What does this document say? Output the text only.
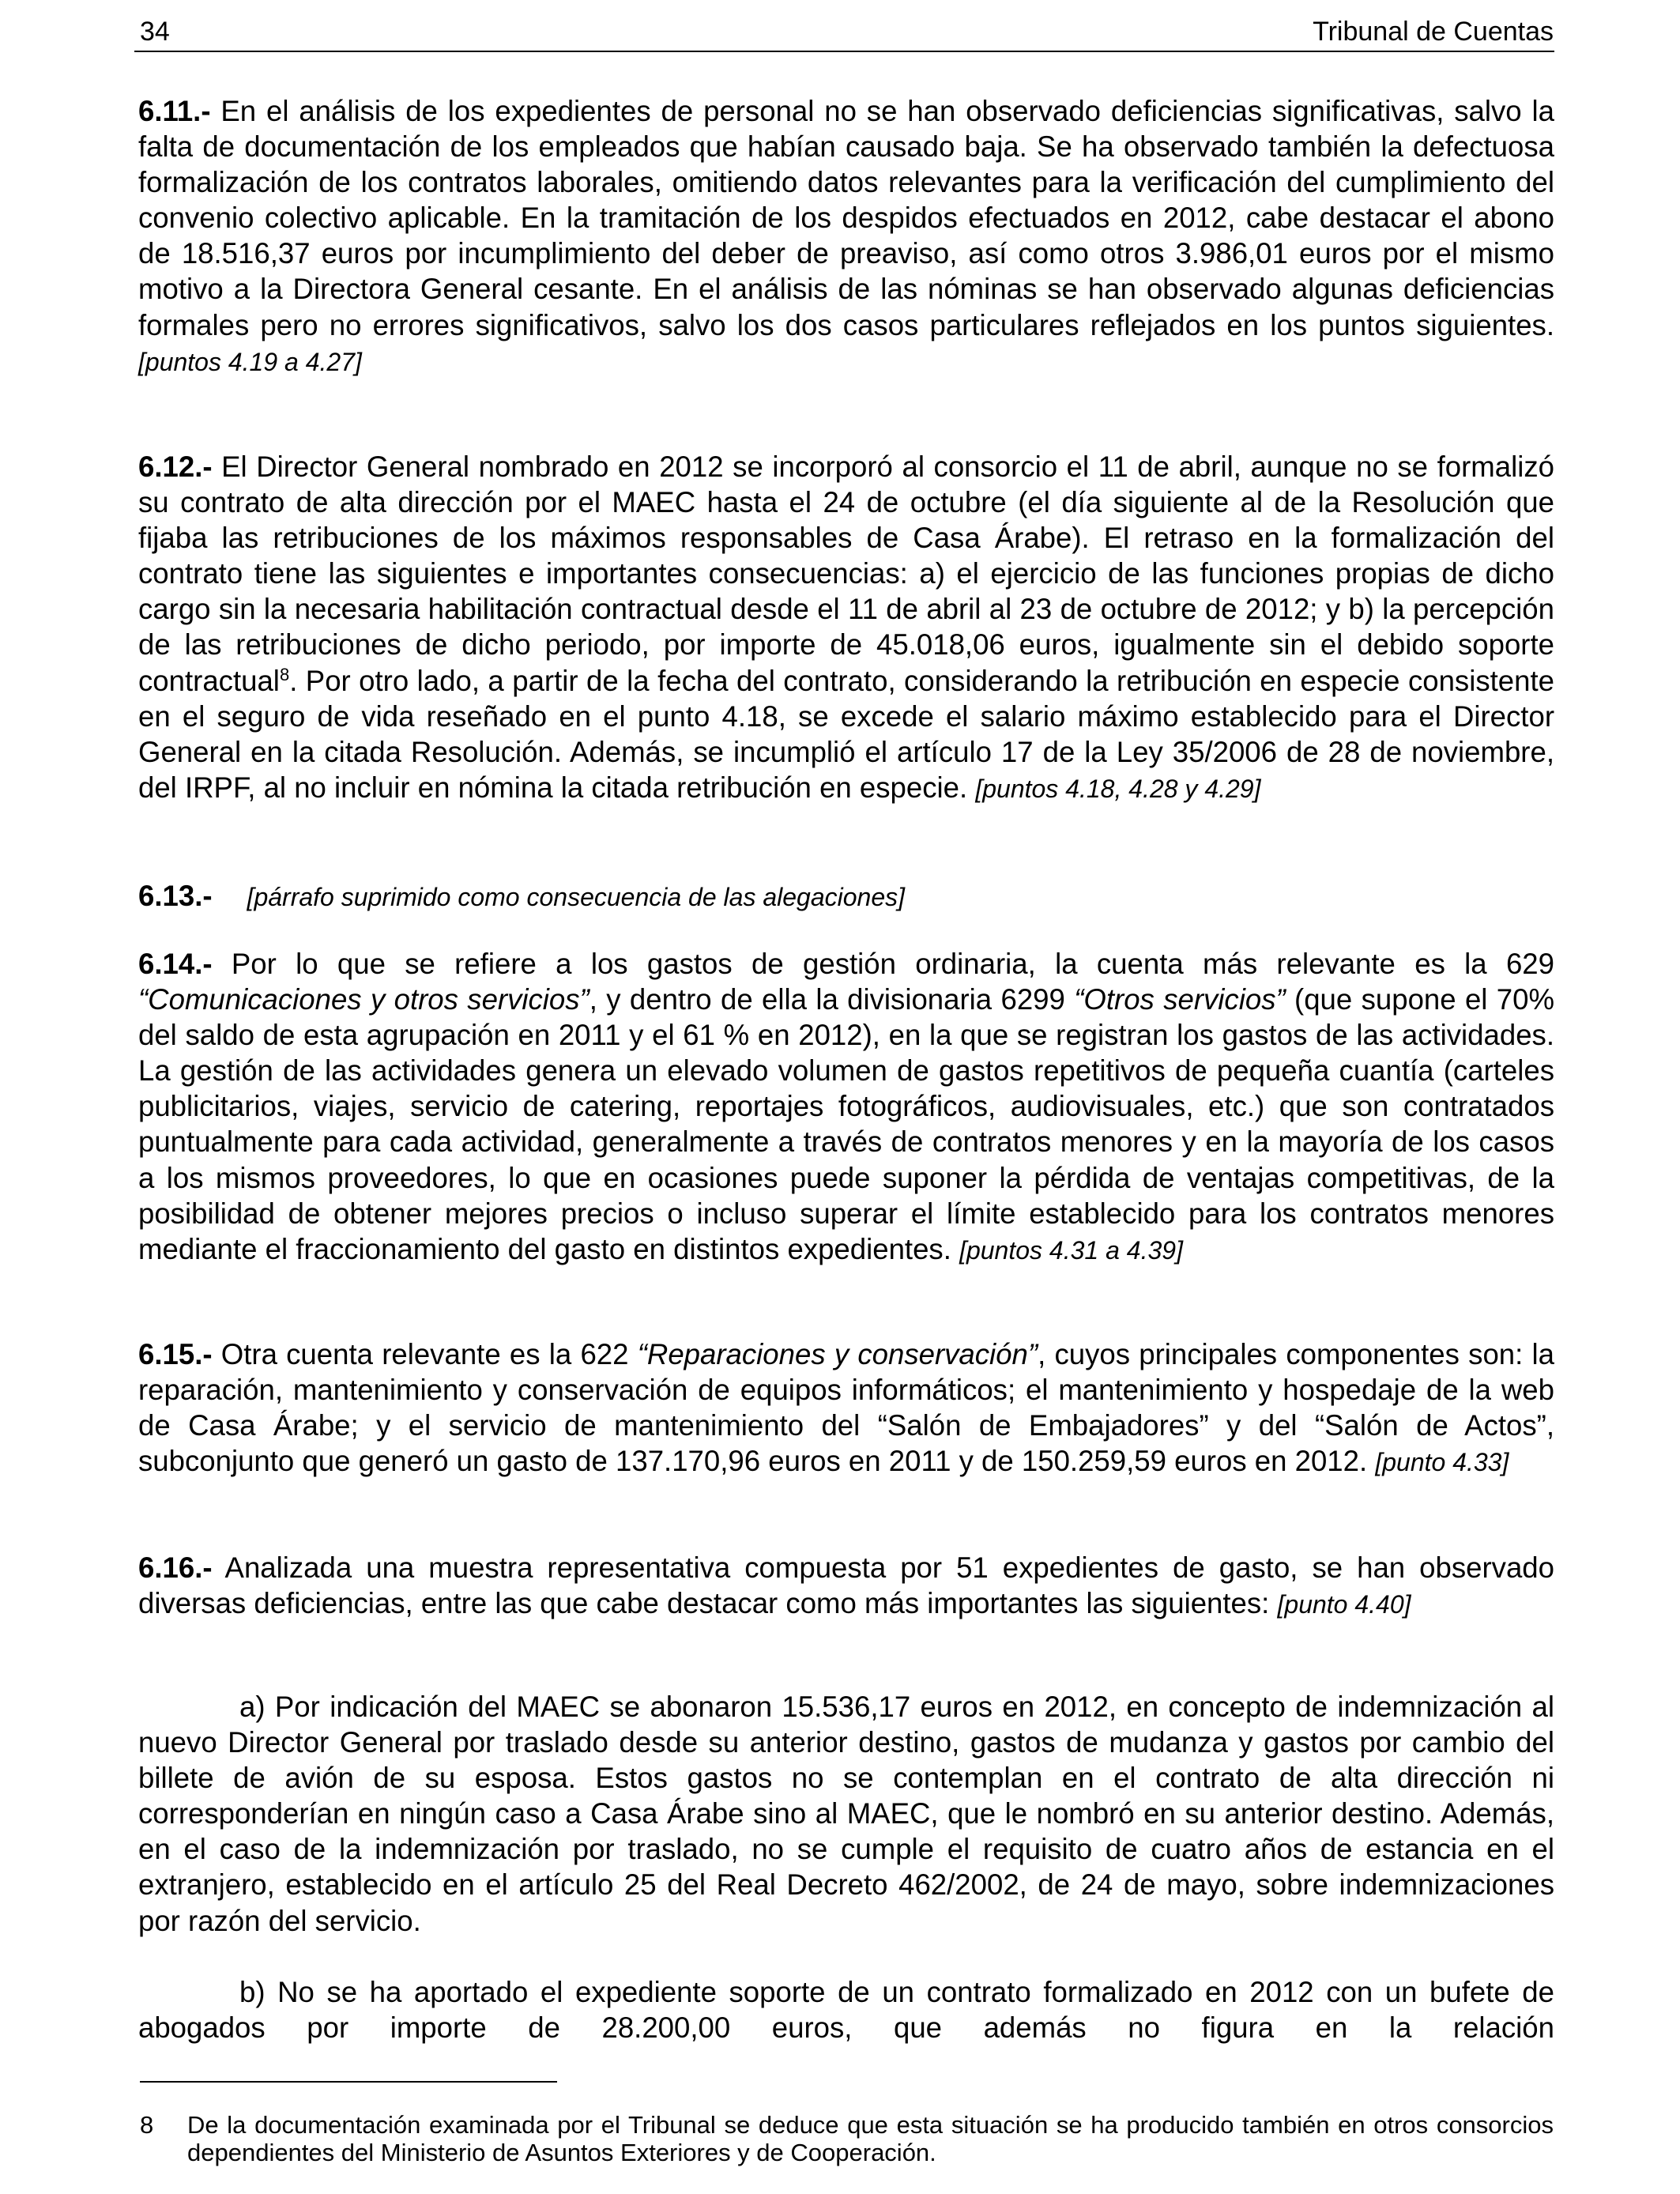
34	Tribunal de Cuentas

6.11.- En el análisis de los expedientes de personal no se han observado deficiencias significativas, salvo la falta de documentación de los empleados que habían causado baja. Se ha observado también la defectuosa formalización de los contratos laborales, omitiendo datos relevantes para la verificación del cumplimiento del convenio colectivo aplicable. En la tramitación de los despidos efectuados en 2012, cabe destacar el abono de 18.516,37 euros por incumplimiento del deber de preaviso, así como otros 3.986,01 euros por el mismo motivo a la Directora General cesante. En el análisis de las nóminas se han observado algunas deficiencias formales pero no errores significativos, salvo los dos casos particulares reflejados en los puntos siguientes. [puntos 4.19 a 4.27]

6.12.- El Director General nombrado en 2012 se incorporó al consorcio el 11 de abril, aunque no se formalizó su contrato de alta dirección por el MAEC hasta el 24 de octubre (el día siguiente al de la Resolución que fijaba las retribuciones de los máximos responsables de Casa Árabe). El retraso en la formalización del contrato tiene las siguientes e importantes consecuencias: a) el ejercicio de las funciones propias de dicho cargo sin la necesaria habilitación contractual desde el 11 de abril al 23 de octubre de 2012; y b) la percepción de las retribuciones de dicho periodo, por importe de 45.018,06 euros, igualmente sin el debido soporte contractual$^8$. Por otro lado, a partir de la fecha del contrato, considerando la retribución en especie consistente en el seguro de vida reseñado en el punto 4.18, se excede el salario máximo establecido para el Director General en la citada Resolución. Además, se incumplió el artículo 17 de la Ley 35/2006 de 28 de noviembre, del IRPF, al no incluir en nómina la citada retribución en especie. [puntos 4.18, 4.28 y 4.29]

6.13.- [párrafo suprimido como consecuencia de las alegaciones]

6.14.- Por lo que se refiere a los gastos de gestión ordinaria, la cuenta más relevante es la 629 “Comunicaciones y otros servicios”, y dentro de ella la divisionaria 6299 “Otros servicios” (que supone el 70% del saldo de esta agrupación en 2011 y el 61 % en 2012), en la que se registran los gastos de las actividades. La gestión de las actividades genera un elevado volumen de gastos repetitivos de pequeña cuantía (carteles publicitarios, viajes, servicio de catering, reportajes fotográficos, audiovisuales, etc.) que son contratados puntualmente para cada actividad, generalmente a través de contratos menores y en la mayoría de los casos a los mismos proveedores, lo que en ocasiones puede suponer la pérdida de ventajas competitivas, de la posibilidad de obtener mejores precios o incluso superar el límite establecido para los contratos menores mediante el fraccionamiento del gasto en distintos expedientes. [puntos 4.31 a 4.39]

6.15.- Otra cuenta relevante es la 622 “Reparaciones y conservación”, cuyos principales componentes son: la reparación, mantenimiento y conservación de equipos informáticos; el mantenimiento y hospedaje de la web de Casa Árabe; y el servicio de mantenimiento del “Salón de Embajadores” y del “Salón de Actos”, subconjunto que generó un gasto de 137.170,96 euros en 2011 y de 150.259,59 euros en 2012. [punto 4.33]

6.16.- Analizada una muestra representativa compuesta por 51 expedientes de gasto, se han observado diversas deficiencias, entre las que cabe destacar como más importantes las siguientes: [punto 4.40]

a) Por indicación del MAEC se abonaron 15.536,17 euros en 2012, en concepto de indemnización al nuevo Director General por traslado desde su anterior destino, gastos de mudanza y gastos por cambio del billete de avión de su esposa. Estos gastos no se contemplan en el contrato de alta dirección ni corresponderían en ningún caso a Casa Árabe sino al MAEC, que le nombró en su anterior destino. Además, en el caso de la indemnización por traslado, no se cumple el requisito de cuatro años de estancia en el extranjero, establecido en el artículo 25 del Real Decreto 462/2002, de 24 de mayo, sobre indemnizaciones por razón del servicio.

b) No se ha aportado el expediente soporte de un contrato formalizado en 2012 con un bufete de abogados por importe de 28.200,00 euros, que además no figura en la relación

8	De la documentación examinada por el Tribunal se deduce que esta situación se ha producido también en otros consorcios dependientes del Ministerio de Asuntos Exteriores y de Cooperación.
